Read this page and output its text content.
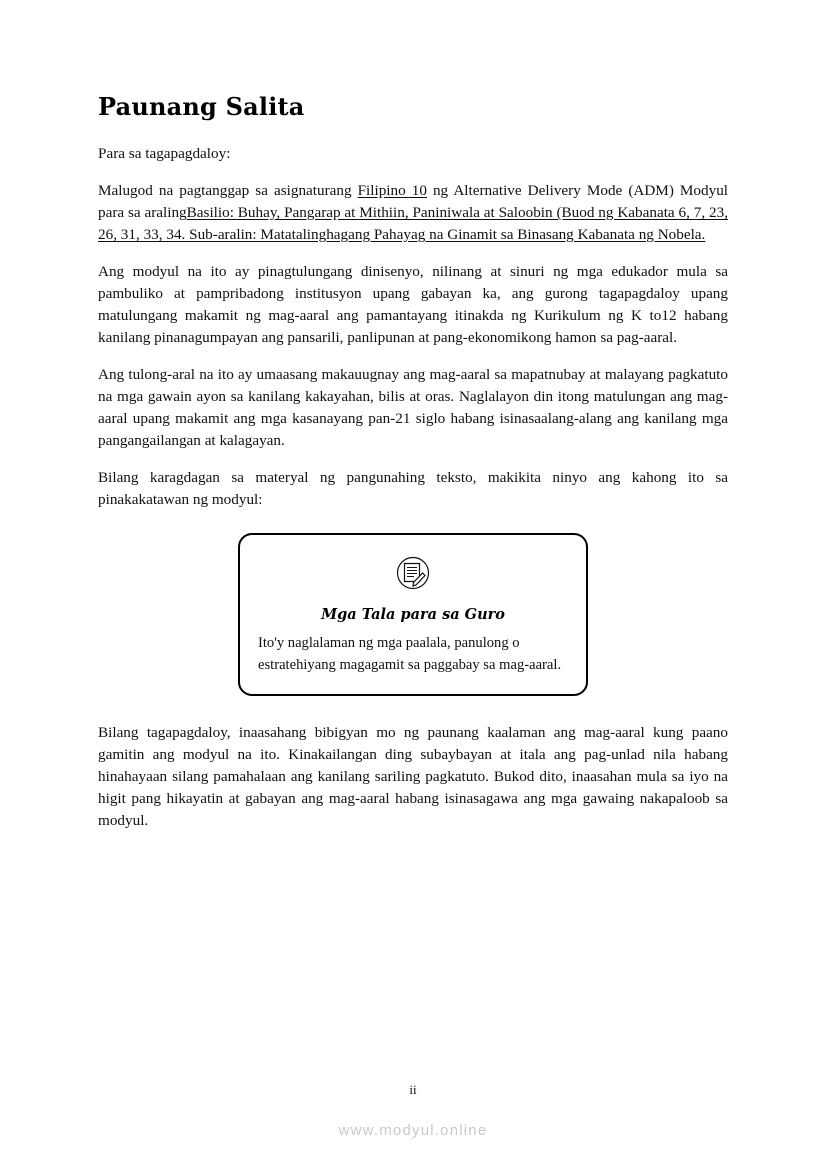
Paunang Salita

Para sa tagapagdaloy:

Malugod na pagtanggap sa asignaturang Filipino 10 ng Alternative Delivery Mode (ADM) Modyul para sa aralingBasilio: Buhay, Pangarap at Mithiin, Paniniwala at Saloobin (Buod ng Kabanata 6, 7, 23, 26, 31, 33, 34. Sub-aralin: Matatalinghagang Pahayag na Ginamit sa Binasang Kabanata ng Nobela.

Ang modyul na ito ay pinagtulungang dinisenyo, nilinang at sinuri ng mga edukador mula sa pambuliko at pampribadong institusyon upang gabayan ka, ang gurong tagapagdaloy upang matulungang makamit ng mag-aaral ang pamantayang itinakda ng Kurikulum ng K to12 habang kanilang pinanagumpayan ang pansarili, panlipunan at pang-ekonomikong hamon sa pag-aaral.

Ang tulong-aral na ito ay umaasang makauugnay ang mag-aaral sa mapatnubay at malayang pagkatuto na mga gawain ayon sa kanilang kakayahan, bilis at oras. Naglalayon din itong matulungan ang mag-aaral upang makamit ang mga kasanayang pan-21 siglo habang isinasaalang-alang ang kanilang mga pangangailangan at kalagayan.

Bilang karagdagan sa materyal ng pangunahing teksto, makikita ninyo ang kahong ito sa pinakakatawan ng modyul:

Mga Tala para sa Guro

Ito'y naglalaman ng mga paalala, panulong o estratehiyang magagamit sa paggabay sa mag-aaral.

Bilang tagapagdaloy, inaasahang bibigyan mo ng paunang kaalaman ang mag-aaral kung paano gamitin ang modyul na ito. Kinakailangan ding subaybayan at itala ang pag-unlad nila habang hinahayaan silang pamahalaan ang kanilang sariling pagkatuto. Bukod dito, inaasahan mula sa iyo na higit pang hikayatin at gabayan ang mag-aaral habang isinasagawa ang mga gawaing nakapaloob sa modyul.

ii
www.modyul.online
